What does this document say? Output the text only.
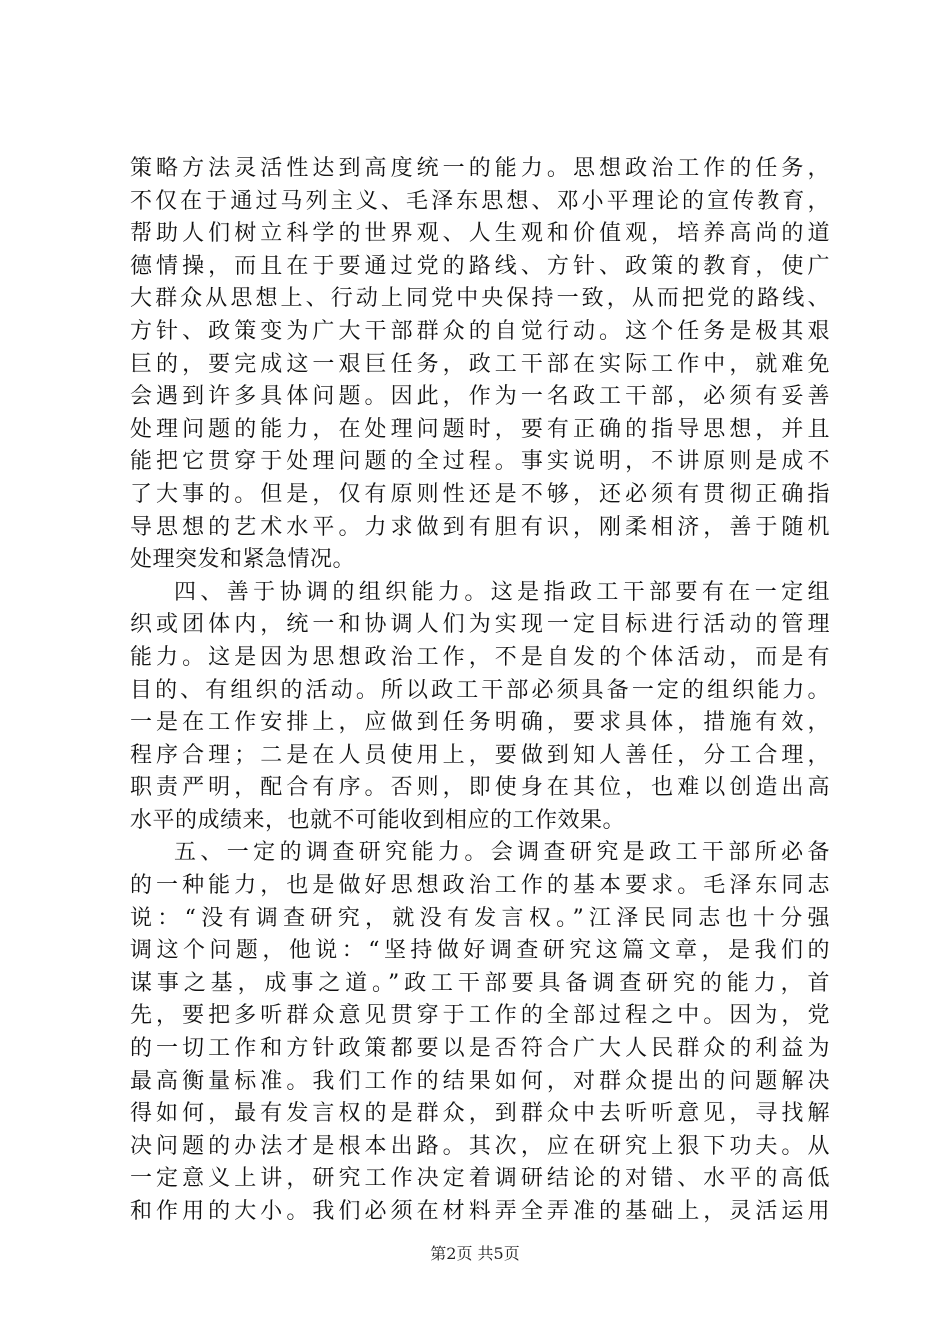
策略方法灵活性达到高度统一的能力。思想政治工作的任务，
不仅在于通过马列主义、毛泽东思想、邓小平理论的宣传教育，
帮助人们树立科学的世界观、人生观和价值观，培养高尚的道
德情操，而且在于要通过党的路线、方针、政策的教育，使广
大群众从思想上、行动上同党中央保持一致，从而把党的路线、
方针、政策变为广大干部群众的自觉行动。这个任务是极其艰
巨的，要完成这一艰巨任务，政工干部在实际工作中，就难免
会遇到许多具体问题。因此，作为一名政工干部，必须有妥善
处理问题的能力，在处理问题时，要有正确的指导思想，并且
能把它贯穿于处理问题的全过程。事实说明，不讲原则是成不
了大事的。但是，仅有原则性还是不够，还必须有贯彻正确指
导思想的艺术水平。力求做到有胆有识，刚柔相济，善于随机
处理突发和紧急情况。
四、善于协调的组织能力。这是指政工干部要有在一定组
织或团体内，统一和协调人们为实现一定目标进行活动的管理
能力。这是因为思想政治工作，不是自发的个体活动，而是有
目的、有组织的活动。所以政工干部必须具备一定的组织能力。
一是在工作安排上，应做到任务明确，要求具体，措施有效，
程序合理；二是在人员使用上，要做到知人善任，分工合理，
职责严明，配合有序。否则，即使身在其位，也难以创造出高
水平的成绩来，也就不可能收到相应的工作效果。
五、一定的调查研究能力。会调查研究是政工干部所必备
的一种能力，也是做好思想政治工作的基本要求。毛泽东同志
说：“没有调查研究，就没有发言权。”江泽民同志也十分强
调这个问题，他说：“坚持做好调查研究这篇文章，是我们的
谋事之基，成事之道。”政工干部要具备调查研究的能力，首
先，要把多听群众意见贯穿于工作的全部过程之中。因为，党
的一切工作和方针政策都要以是否符合广大人民群众的利益为
最高衡量标准。我们工作的结果如何，对群众提出的问题解决
得如何，最有发言权的是群众，到群众中去听听意见，寻找解
决问题的办法才是根本出路。其次，应在研究上狠下功夫。从
一定意义上讲，研究工作决定着调研结论的对错、水平的高低
和作用的大小。我们必须在材料弄全弄准的基础上，灵活运用
第2页 共5页
